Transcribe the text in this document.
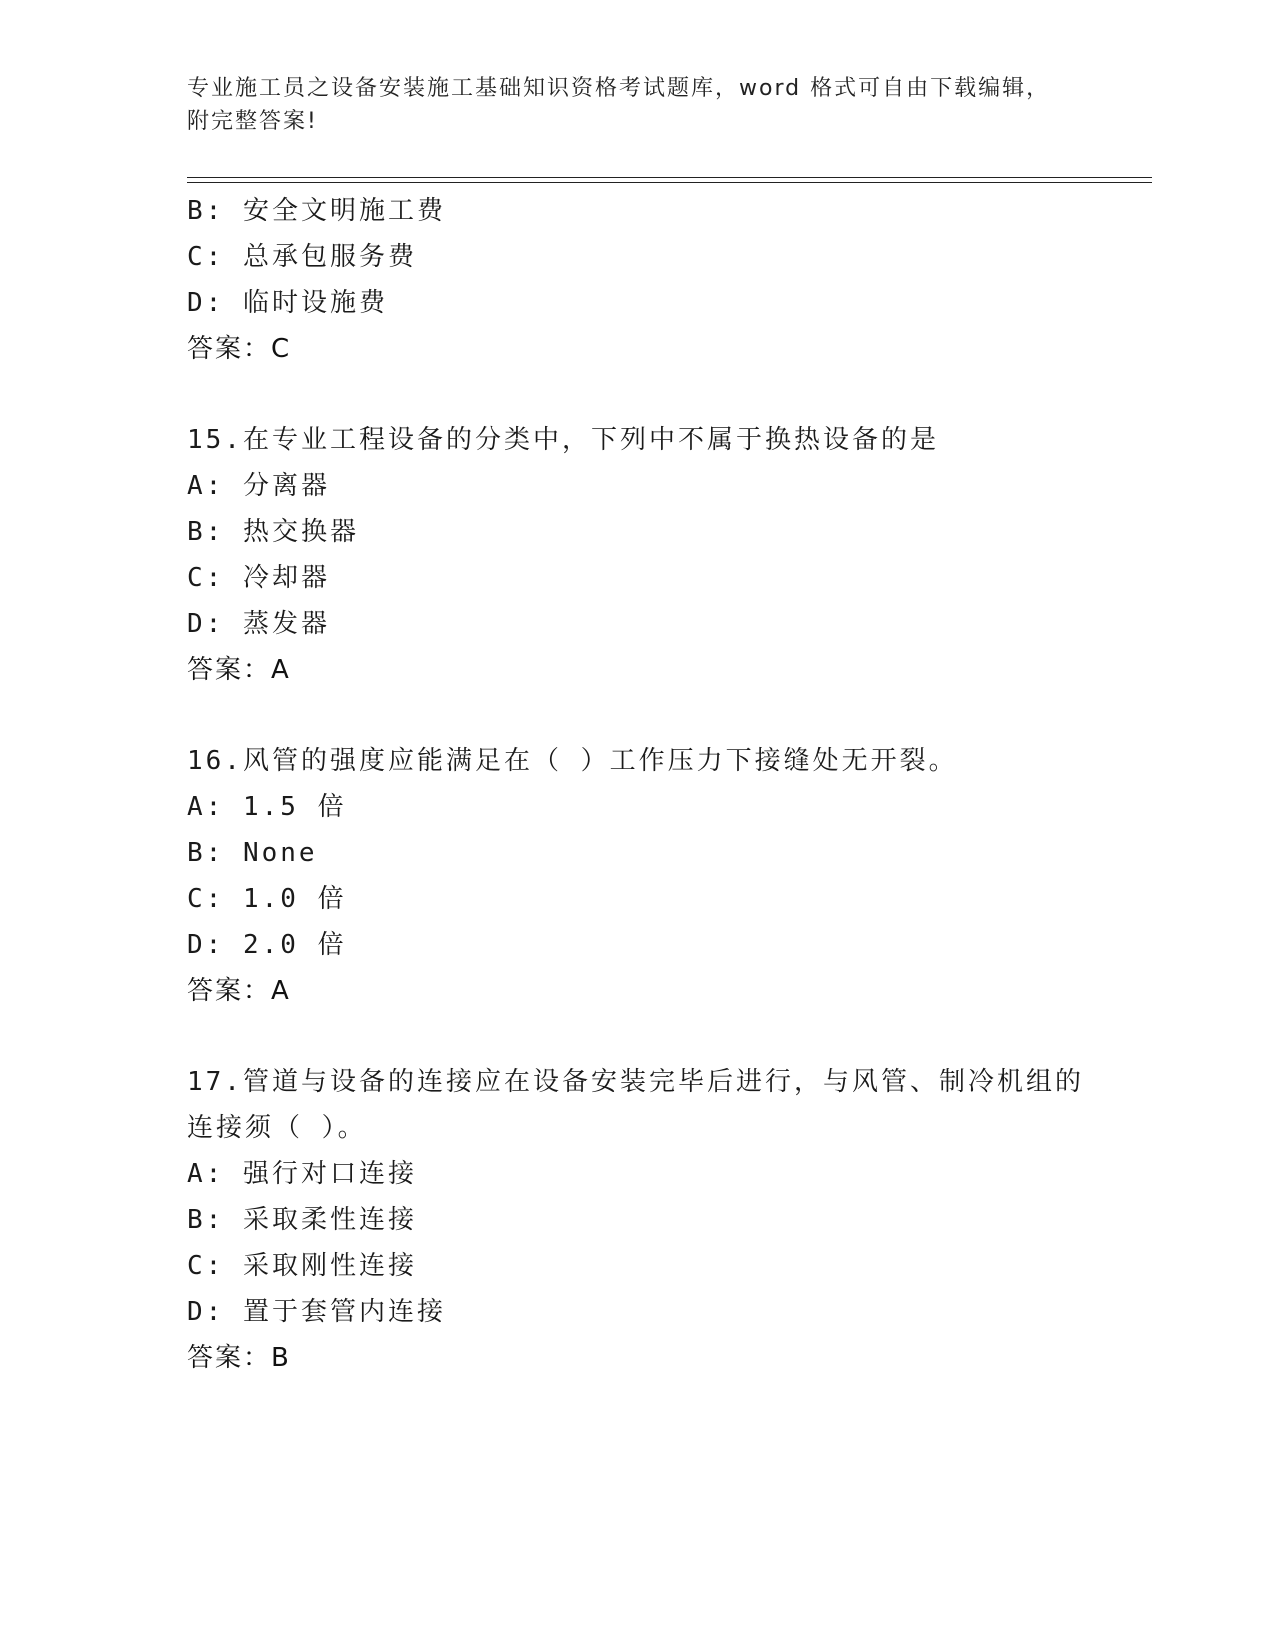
专业施工员之设备安装施工基础知识资格考试题库，word 格式可自由下载编辑，
附完整答案!
B: 安全文明施工费
C: 总承包服务费
D: 临时设施费
答案：C
15.在专业工程设备的分类中，下列中不属于换热设备的是
A: 分离器
B: 热交换器
C: 冷却器
D: 蒸发器
答案：A
16.风管的强度应能满足在（ ）工作压力下接缝处无开裂。
A: 1.5 倍
B: None
C: 1.0 倍
D: 2.0 倍
答案：A
17.管道与设备的连接应在设备安装完毕后进行，与风管、制冷机组的
连接须（ ）。
A: 强行对口连接
B: 采取柔性连接
C: 采取刚性连接
D: 置于套管内连接
答案：B
